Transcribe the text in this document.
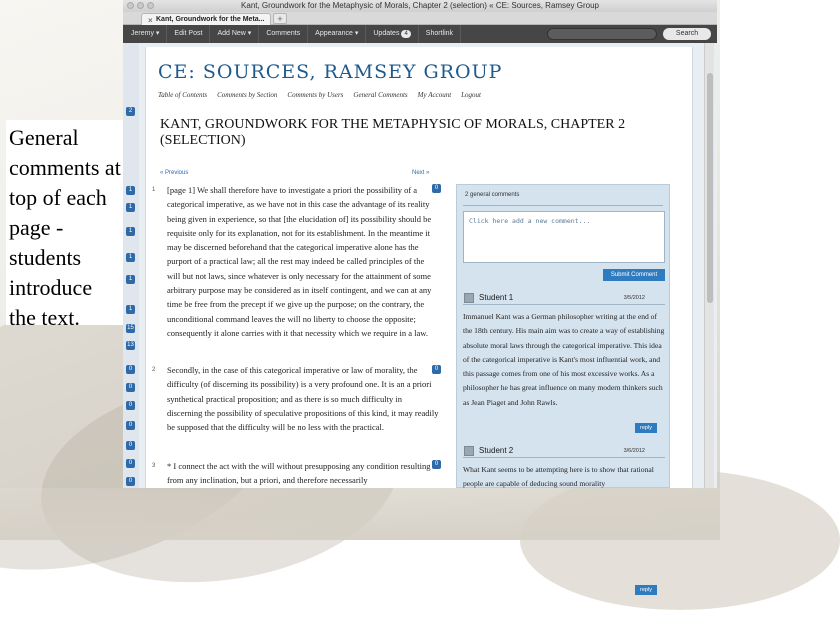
General comments at top of each page - students introduce the text.
Kant, Groundwork for the Metaphysic of Morals, Chapter 2 (selection) « CE: Sources, Ramsey Group
× Kant, Groundwork for the Meta...	+
Jeremy ▾	Edit Post	Add New ▾	Comments	Appearance ▾	Updates 4	Shortlink	Search
2
1
1
1
1
1
1
15
13
0
0
0
0
0
0
0
CE: SOURCES, RAMSEY GROUP
Table of Contents Comments by Section Comments by Users General Comments My Account Logout
KANT, GROUNDWORK FOR THE METAPHYSIC OF MORALS, CHAPTER 2 (SELECTION)
« Previous	Next »
1 [page 1] We shall therefore have to investigate a priori the possibility of a categorical imperative, as we have not in this case the advantage of its reality being given in experience, so that [the elucidation of] its possibility should be requisite only for its explanation, not for its establishment. In the meantime it may be discerned beforehand that the categorical imperative alone has the purport of a practical law; all the rest may indeed be called principles of the will but not laws, since whatever is only necessary for the attainment of some arbitrary purpose may be considered as in itself contingent, and we can at any time be free from the precept if we give up the purpose; on the contrary, the unconditional command leaves the will no liberty to choose the opposite; consequently it alone carries with it that necessity which we require in a law.
0
2 Secondly, in the case of this categorical imperative or law of morality, the difficulty (of discerning its possibility) is a very profound one. It is an a priori synthetical practical proposition; and as there is so much difficulty in discerning the possibility of speculative propositions of this kind, it may readily be supposed that the difficulty will be no less with the practical.
0
3 * I connect the act with the will without presupposing any condition resulting from any inclination, but a priori, and therefore necessarily
0
2 general comments
Click here add a new comment...
Submit Comment
Student 1	3/5/2012
Immanuel Kant was a German philosopher writing at the end of the 18th century. His main aim was to create a way of establishing absolute moral laws through the categorical imperative. This idea of the categorical imperative is Kant's most influential work, and this passage comes from one of his most excessive works. As a philosopher he has great influence on many modern thinkers such as Jean Piaget and John Rawls.
reply
Student 2	3/6/2012
What Kant seems to be attempting here is to show that rational people are capable of deducing sound morality
reply
